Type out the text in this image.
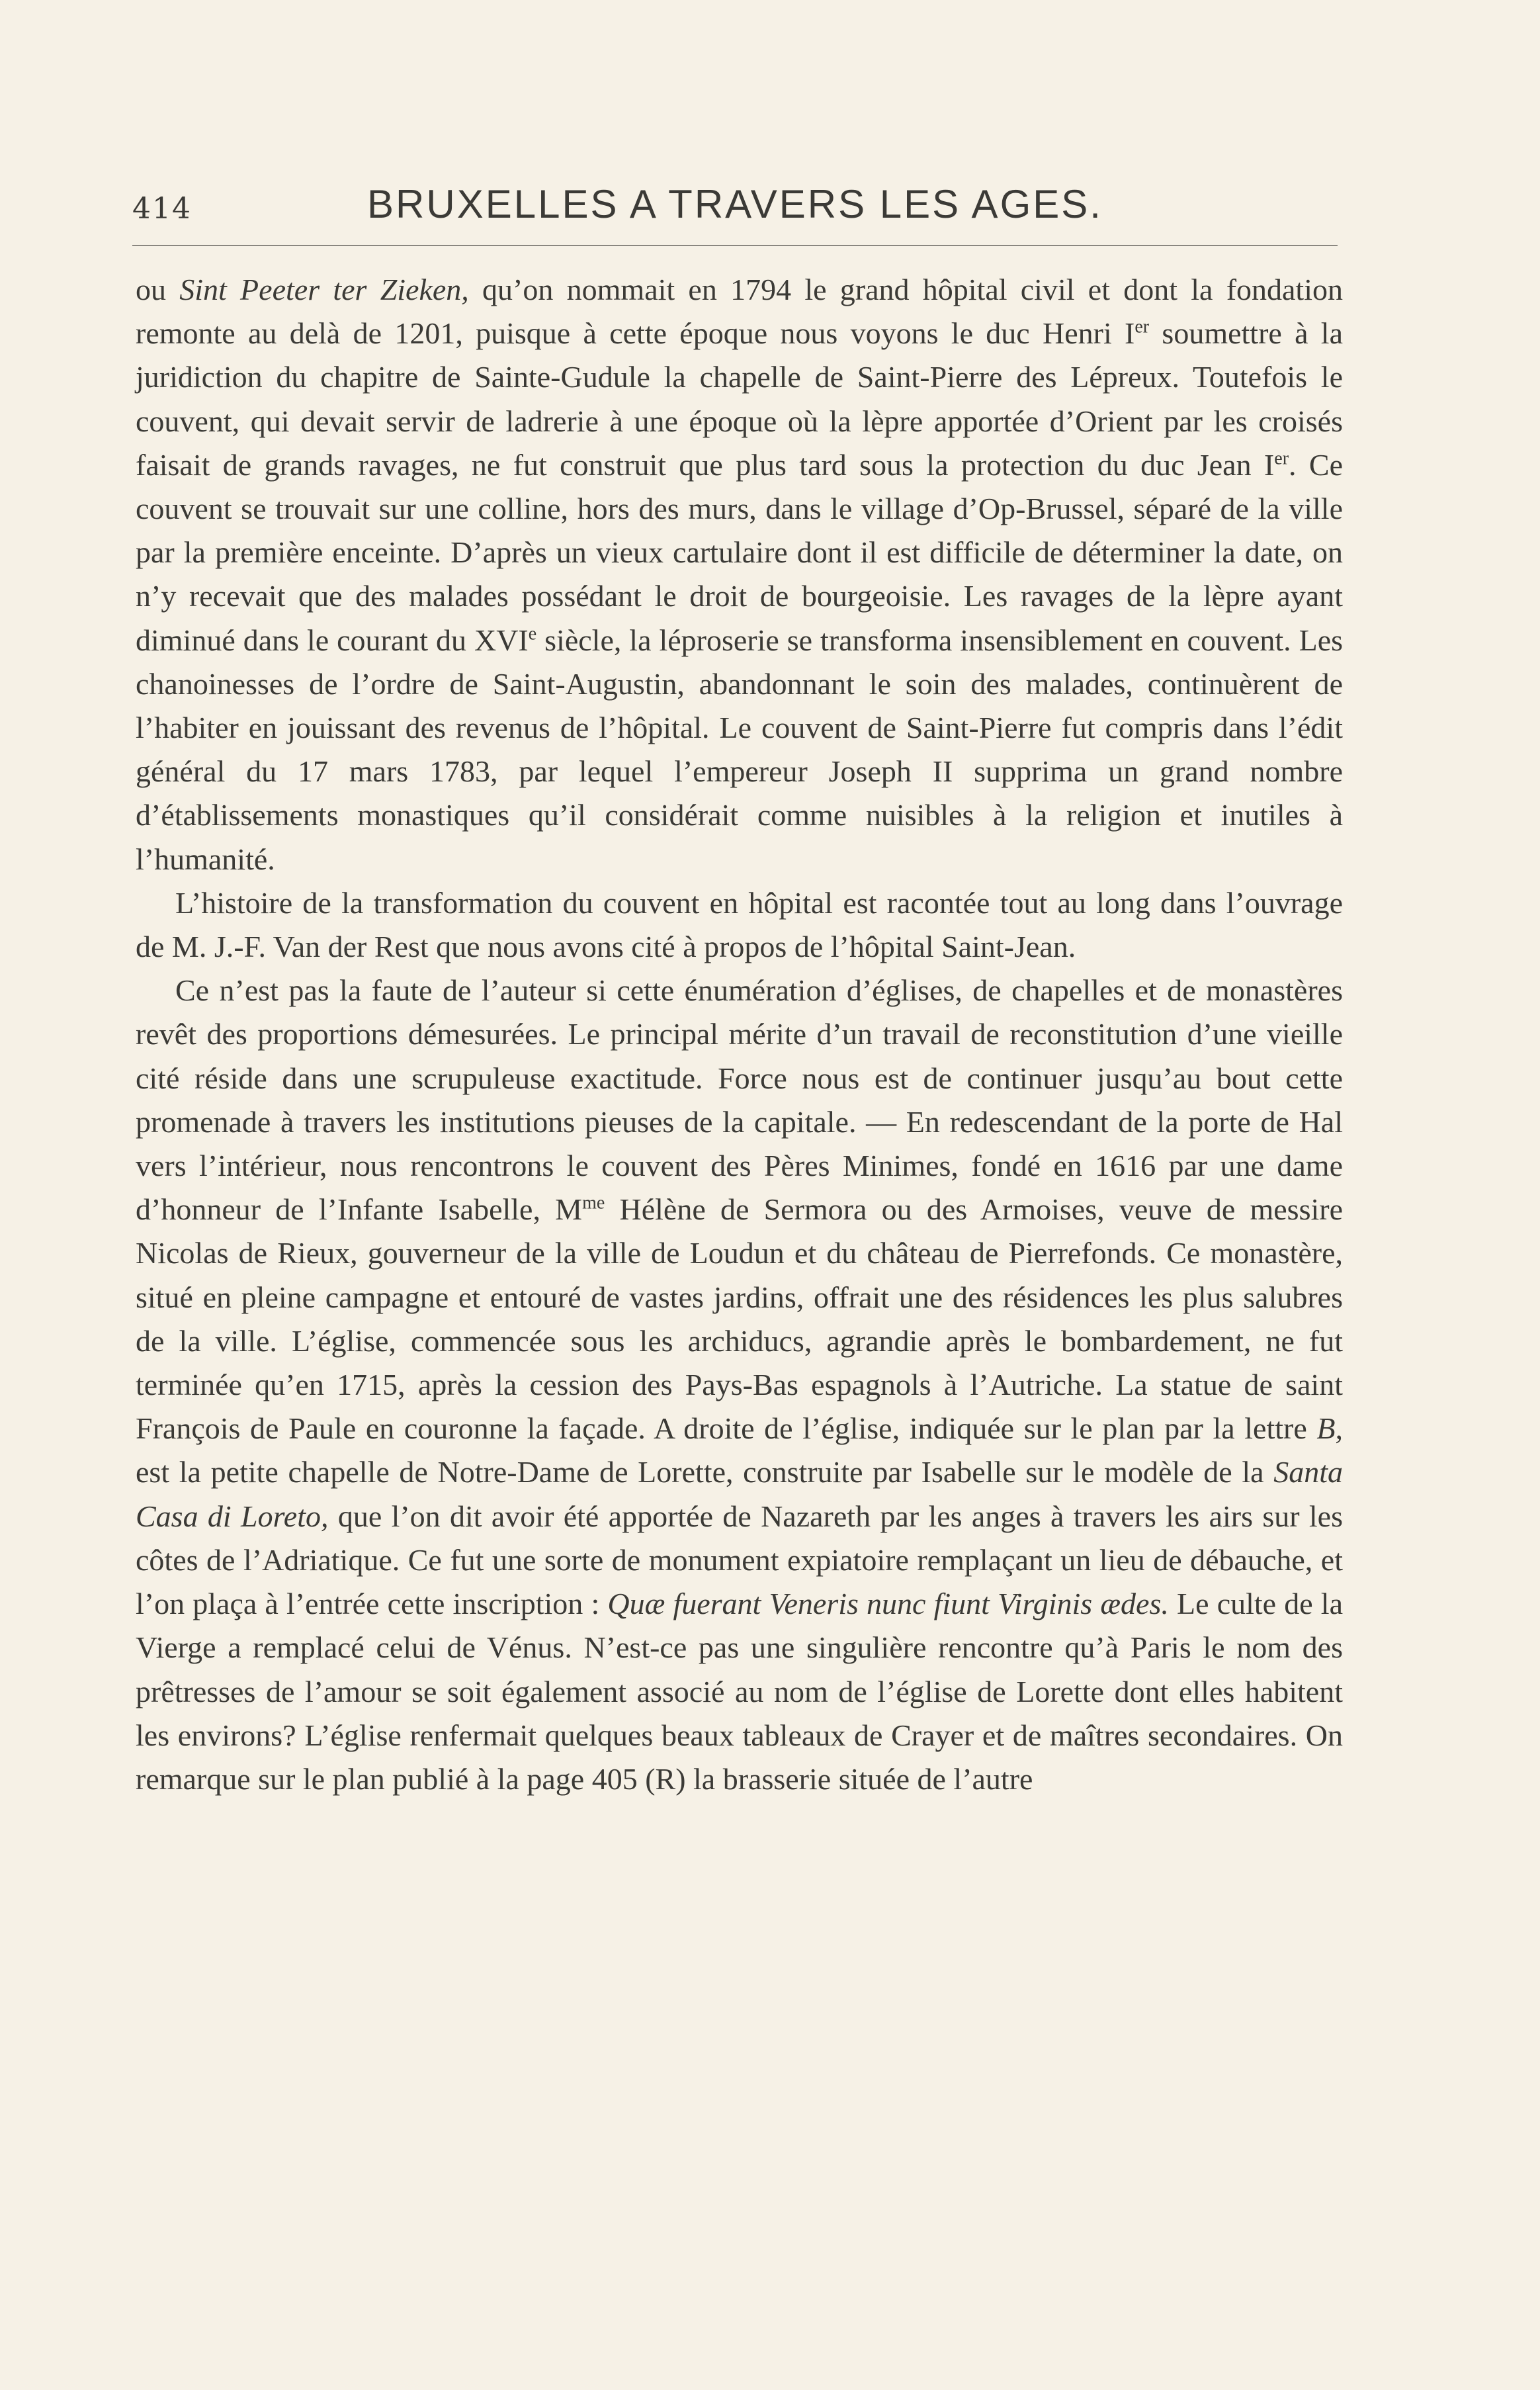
414	BRUXELLES A TRAVERS LES AGES.

ou Sint Peeter ter Zieken, qu’on nommait en 1794 le grand hôpital civil et dont la fondation remonte au delà de 1201, puisque à cette époque nous voyons le duc Henri Ier soumettre à la juridiction du chapitre de Sainte-Gudule la chapelle de Saint-Pierre des Lépreux. Toutefois le couvent, qui devait servir de ladrerie à une époque où la lèpre apportée d’Orient par les croisés faisait de grands ravages, ne fut construit que plus tard sous la protection du duc Jean Ier. Ce couvent se trouvait sur une colline, hors des murs, dans le village d’Op-Brussel, séparé de la ville par la première enceinte. D’après un vieux cartulaire dont il est difficile de déterminer la date, on n’y recevait que des malades possédant le droit de bourgeoisie. Les ravages de la lèpre ayant diminué dans le courant du XVIe siècle, la léproserie se transforma insensiblement en couvent. Les chanoinesses de l’ordre de Saint-Augustin, abandonnant le soin des malades, continuèrent de l’habiter en jouissant des revenus de l’hôpital. Le couvent de Saint-Pierre fut compris dans l’édit général du 17 mars 1783, par lequel l’empereur Joseph II supprima un grand nombre d’établissements monastiques qu’il considérait comme nuisibles à la religion et inutiles à l’humanité.

L’histoire de la transformation du couvent en hôpital est racontée tout au long dans l’ouvrage de M. J.-F. Van der Rest que nous avons cité à propos de l’hôpital Saint-Jean.

Ce n’est pas la faute de l’auteur si cette énumération d’églises, de chapelles et de monastères revêt des proportions démesurées. Le principal mérite d’un travail de reconstitution d’une vieille cité réside dans une scrupuleuse exactitude. Force nous est de continuer jusqu’au bout cette promenade à travers les institutions pieuses de la capitale. — En redescendant de la porte de Hal vers l’intérieur, nous rencontrons le couvent des Pères Minimes, fondé en 1616 par une dame d’honneur de l’Infante Isabelle, $M^{me}$ Hélène de Sermora ou des Armoises, veuve de messire Nicolas de Rieux, gouverneur de la ville de Loudun et du château de Pierrefonds. Ce monastère, situé en pleine campagne et entouré de vastes jardins, offrait une des résidences les plus salubres de la ville. L’église, commencée sous les archiducs, agrandie après le bombardement, ne fut terminée qu’en 1715, après la cession des Pays-Bas espagnols à l’Autriche. La statue de saint François de Paule en couronne la façade. A droite de l’église, indiquée sur le plan par la lettre B, est la petite chapelle de Notre-Dame de Lorette, construite par Isabelle sur le modèle de la Santa Casa di Loreto, que l’on dit avoir été apportée de Nazareth par les anges à travers les airs sur les côtes de l’Adriatique. Ce fut une sorte de monument expiatoire remplaçant un lieu de débauche, et l’on plaça à l’entrée cette inscription : Quæ fuerant Veneris nunc fiunt Virginis ædes. Le culte de la Vierge a remplacé celui de Vénus. N’est-ce pas une singulière rencontre qu’à Paris le nom des prêtresses de l’amour se soit également associé au nom de l’église de Lorette dont elles habitent les environs? L’église renfermait quelques beaux tableaux de Crayer et de maîtres secondaires. On remarque sur le plan publié à la page 405 (R) la brasserie située de l’autre
